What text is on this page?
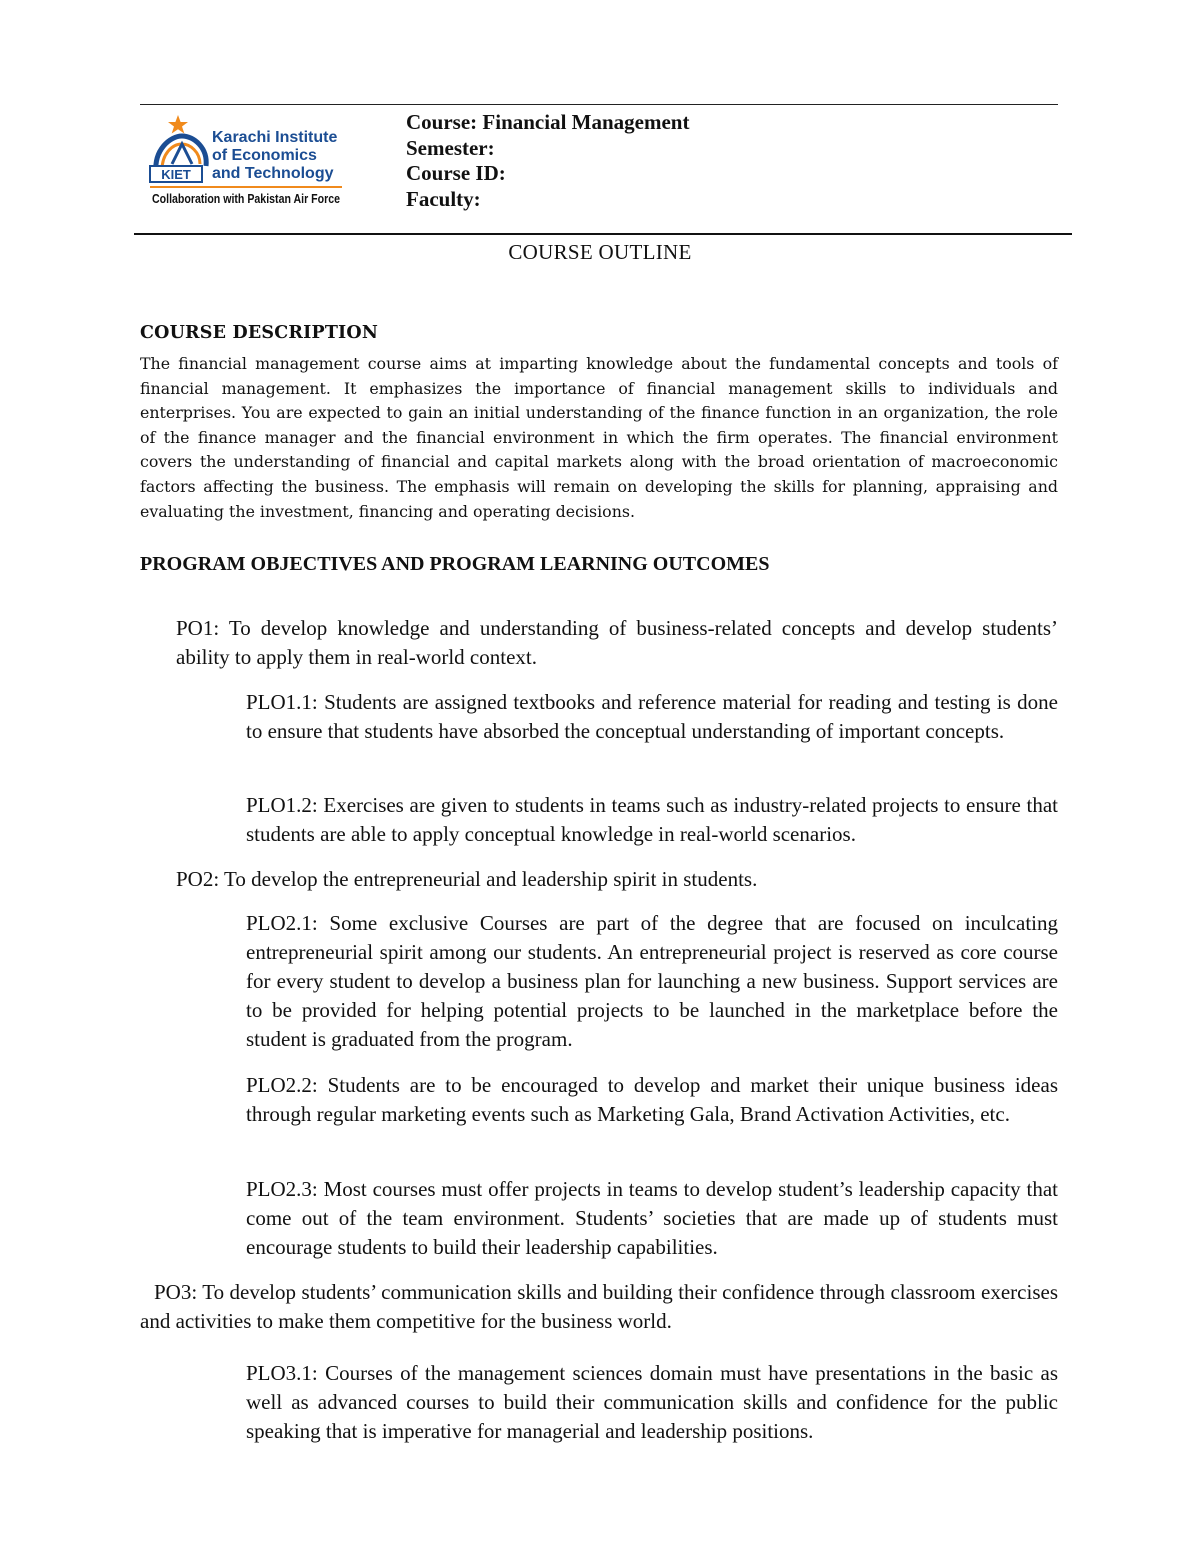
KIET
Karachi Institute
of Economics
and Technology
Collaboration with Pakistan Air Force
Course: Financial Management
Semester:
Course ID:
Faculty:
COURSE OUTLINE
COURSE DESCRIPTION
The financial management course aims at imparting knowledge about the fundamental concepts and tools of financial management. It emphasizes the importance of financial management skills to individuals and enterprises. You are expected to gain an initial understanding of the finance function in an organization, the role of the finance manager and the financial environment in which the firm operates. The financial environment covers the understanding of financial and capital markets along with the broad orientation of macroeconomic factors affecting the business. The emphasis will remain on developing the skills for planning, appraising and evaluating the investment, financing and operating decisions.
PROGRAM OBJECTIVES AND PROGRAM LEARNING OUTCOMES
PO1: To develop knowledge and understanding of business-related concepts and develop students’ ability to apply them in real-world context.
PLO1.1: Students are assigned textbooks and reference material for reading and testing is done to ensure that students have absorbed the conceptual understanding of important concepts.
PLO1.2: Exercises are given to students in teams such as industry-related projects to ensure that students are able to apply conceptual knowledge in real-world scenarios.
PO2: To develop the entrepreneurial and leadership spirit in students.
PLO2.1: Some exclusive Courses are part of the degree that are focused on inculcating entrepreneurial spirit among our students. An entrepreneurial project is reserved as core course for every student to develop a business plan for launching a new business. Support services are to be provided for helping potential projects to be launched in the marketplace before the student is graduated from the program.
PLO2.2: Students are to be encouraged to develop and market their unique business ideas through regular marketing events such as Marketing Gala, Brand Activation Activities, etc.
PLO2.3: Most courses must offer projects in teams to develop student’s leadership capacity that come out of the team environment. Students’ societies that are made up of students must encourage students to build their leadership capabilities.
PO3: To develop students’ communication skills and building their confidence through classroom exercises and activities to make them competitive for the business world.
PLO3.1: Courses of the management sciences domain must have presentations in the basic as well as advanced courses to build their communication skills and confidence for the public speaking that is imperative for managerial and leadership positions.
